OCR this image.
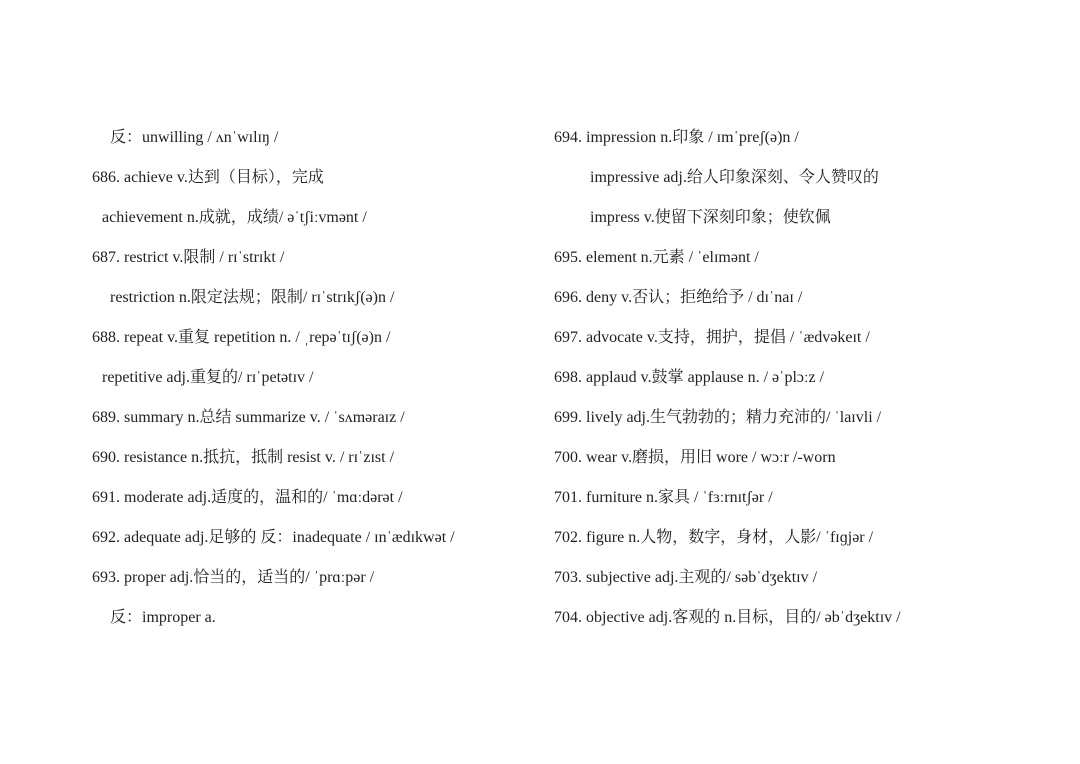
反：unwilling / ʌnˈwɪlɪŋ /
686. achieve v.达到（目标），完成
achievement n.成就，成绩/ əˈtʃiːvmənt /
687. restrict v.限制 / rɪˈstrɪkt /
restriction n.限定法规；限制/ rɪˈstrɪkʃ(ə)n /
688. repeat v.重复 repetition n. / ˌrepəˈtɪʃ(ə)n /
repetitive adj.重复的/ rɪˈpetətɪv /
689. summary n.总结 summarize v. / ˈsʌməraɪz /
690. resistance n.抵抗，抵制 resist v. / rɪˈzɪst /
691. moderate adj.适度的，温和的/ ˈmɑːdərət /
692. adequate adj.足够的 反：inadequate / ɪnˈædɪkwət /
693. proper adj.恰当的，适当的/ ˈprɑːpər /
反：improper a.
694. impression n.印象 / ɪmˈpreʃ(ə)n /
impressive adj.给人印象深刻、令人赞叹的
impress v.使留下深刻印象；使钦佩
695. element n.元素 / ˈelɪmənt /
696. deny v.否认；拒绝给予 / dɪˈnaɪ /
697. advocate v.支持，拥护，提倡 / ˈædvəkeɪt /
698. applaud v.鼓掌 applause n. / əˈplɔːz /
699. lively adj.生气勃勃的；精力充沛的/ ˈlaɪvli /
700. wear v.磨损，用旧 wore / wɔːr /-worn
701. furniture n.家具 / ˈfɜːrnɪtʃər /
702. figure n.人物，数字，身材，人影/ ˈfɪɡjər /
703. subjective adj.主观的/ səbˈdʒektɪv /
704. objective adj.客观的 n.目标，目的/ əbˈdʒektɪv /
